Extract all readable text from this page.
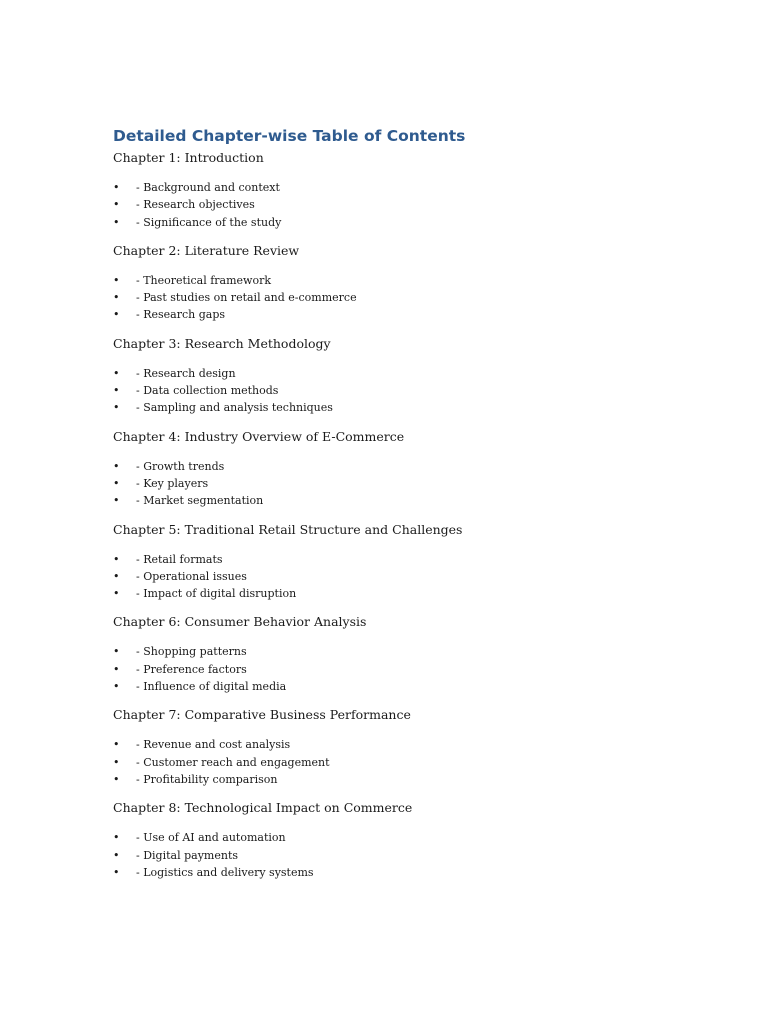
Detailed Chapter-wise Table of Contents

Chapter 1: Introduction

• - Background and context
• - Research objectives
• - Significance of the study

Chapter 2: Literature Review

• - Theoretical framework
• - Past studies on retail and e-commerce
• - Research gaps

Chapter 3: Research Methodology

• - Research design
• - Data collection methods
• - Sampling and analysis techniques

Chapter 4: Industry Overview of E-Commerce

• - Growth trends
• - Key players
• - Market segmentation

Chapter 5: Traditional Retail Structure and Challenges

• - Retail formats
• - Operational issues
• - Impact of digital disruption

Chapter 6: Consumer Behavior Analysis

• - Shopping patterns
• - Preference factors
• - Influence of digital media

Chapter 7: Comparative Business Performance

• - Revenue and cost analysis
• - Customer reach and engagement
• - Profitability comparison

Chapter 8: Technological Impact on Commerce

• - Use of AI and automation
• - Digital payments
• - Logistics and delivery systems
